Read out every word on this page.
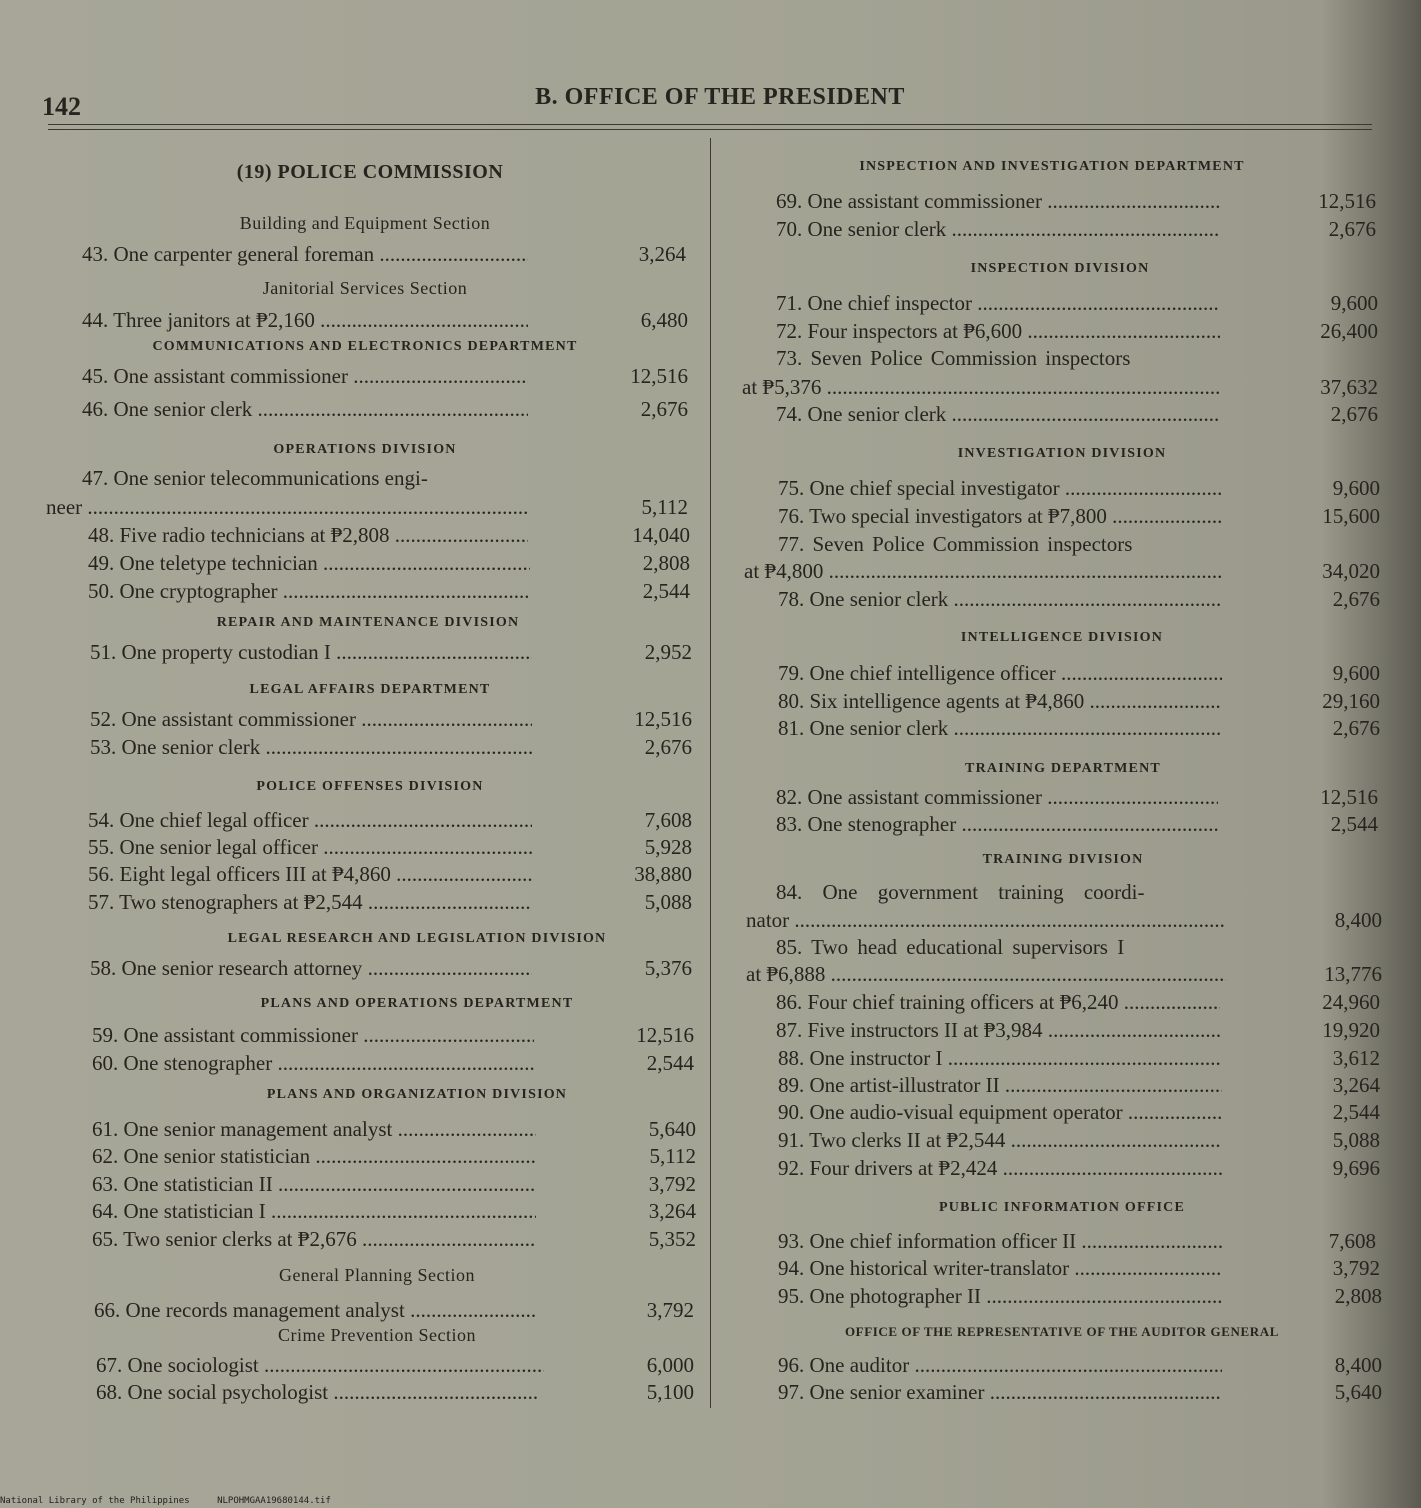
142	B. OFFICE OF THE PRESIDENT
(19) POLICE COMMISSION
Building and Equipment Section
43. One carpenter general foreman .....	3,264
Janitorial Services Section
44. Three janitors at ₱2,160 .....	6,480
COMMUNICATIONS AND ELECTRONICS DEPARTMENT
45. One assistant commissioner .....	12,516
46. One senior clerk .....	2,676
OPERATIONS DIVISION
47. One senior telecommunications engi-
neer .....	5,112
48. Five radio technicians at ₱2,808 .....	14,040
49. One teletype technician .....	2,808
50. One cryptographer .....	2,544
REPAIR AND MAINTENANCE DIVISION
51. One property custodian I .....	2,952
LEGAL AFFAIRS DEPARTMENT
52. One assistant commissioner .....	12,516
53. One senior clerk .....	2,676
POLICE OFFENSES DIVISION
54. One chief legal officer .....	7,608
55. One senior legal officer .....	5,928
56. Eight legal officers III at ₱4,860 .....	38,880
57. Two stenographers at ₱2,544 .....	5,088
LEGAL RESEARCH AND LEGISLATION DIVISION
58. One senior research attorney .....	5,376
PLANS AND OPERATIONS DEPARTMENT
59. One assistant commissioner .....	12,516
60. One stenographer .....	2,544
PLANS AND ORGANIZATION DIVISION
61. One senior management analyst .....	5,640
62. One senior statistician .....	5,112
63. One statistician II .....	3,792
64. One statistician I .....	3,264
65. Two senior clerks at ₱2,676 .....	5,352
General Planning Section
66. One records management analyst .....	3,792
Crime Prevention Section
67. One sociologist .....	6,000
68. One social psychologist .....	5,100
INSPECTION AND INVESTIGATION DEPARTMENT
69. One assistant commissioner .....	12,516
70. One senior clerk .....	2,676
INSPECTION DIVISION
71. One chief inspector .....	9,600
72. Four inspectors at ₱6,600 .....	26,400
73. Seven Police Commission inspectors
at ₱5,376 .....	37,632
74. One senior clerk .....	2,676
INVESTIGATION DIVISION
75. One chief special investigator .....	9,600
76. Two special investigators at ₱7,800 .....	15,600
77. Seven Police Commission inspectors
at ₱4,800 .....	34,020
78. One senior clerk .....	2,676
INTELLIGENCE DIVISION
79. One chief intelligence officer .....	9,600
80. Six intelligence agents at ₱4,860 .....	29,160
81. One senior clerk .....	2,676
TRAINING DEPARTMENT
82. One assistant commissioner .....	12,516
83. One stenographer .....	2,544
TRAINING DIVISION
84. One government training coordi-
nator .....	8,400
85. Two head educational supervisors I
at ₱6,888 .....	13,776
86. Four chief training officers at ₱6,240 .....	24,960
87. Five instructors II at ₱3,984 .....	19,920
88. One instructor I .....	3,612
89. One artist-illustrator II .....	3,264
90. One audio-visual equipment operator .....	2,544
91. Two clerks II at ₱2,544 .....	5,088
92. Four drivers at ₱2,424 .....	9,696
PUBLIC INFORMATION OFFICE
93. One chief information officer II .....	7,608
94. One historical writer-translator .....	3,792
95. One photographer II .....	2,808
OFFICE OF THE REPRESENTATIVE OF THE AUDITOR GENERAL
96. One auditor .....	8,400
97. One senior examiner .....	5,640
National Library of the Philippines	NLPOHMGAA19680144.tif
